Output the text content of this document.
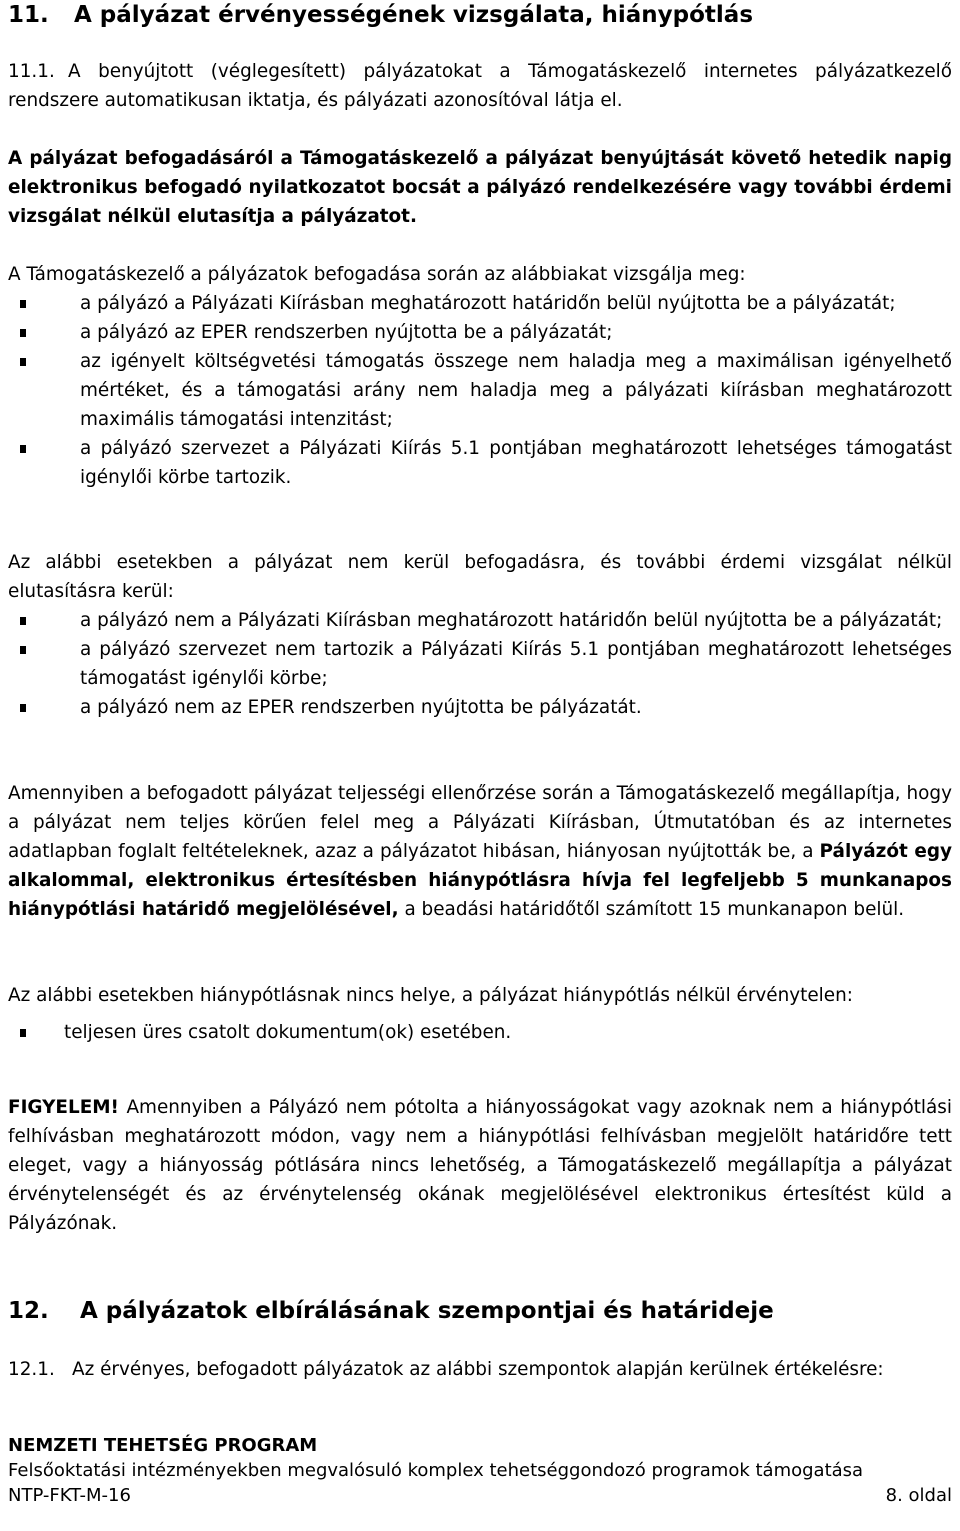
11.	A pályázat érvényességének vizsgálata, hiánypótlás
11.1. A benyújtott (véglegesített) pályázatokat a Támogatáskezelő internetes pályázatkezelő rendszere automatikusan iktatja, és pályázati azonosítóval látja el.
A pályázat befogadásáról a Támogatáskezelő a pályázat benyújtását követő hetedik napig elektronikus befogadó nyilatkozatot bocsát a pályázó rendelkezésére vagy további érdemi vizsgálat nélkül elutasítja a pályázatot.
A Támogatáskezelő a pályázatok befogadása során az alábbiakat vizsgálja meg:
a pályázó a Pályázati Kiírásban meghatározott határidőn belül nyújtotta be a pályázatát;
a pályázó az EPER rendszerben nyújtotta be a pályázatát;
az igényelt költségvetési támogatás összege nem haladja meg a maximálisan igényelhető mértéket, és a támogatási arány nem haladja meg a pályázati kiírásban meghatározott maximális támogatási intenzitást;
a pályázó szervezet a Pályázati Kiírás 5.1 pontjában meghatározott lehetséges támogatást igénylői körbe tartozik.
Az alábbi esetekben a pályázat nem kerül befogadásra, és további érdemi vizsgálat nélkül elutasításra kerül:
a pályázó nem a Pályázati Kiírásban meghatározott határidőn belül nyújtotta be a pályázatát;
a pályázó szervezet nem tartozik a Pályázati Kiírás 5.1 pontjában meghatározott lehetséges támogatást igénylői körbe;
a pályázó nem az EPER rendszerben nyújtotta be pályázatát.
Amennyiben a befogadott pályázat teljességi ellenőrzése során a Támogatáskezelő megállapítja, hogy a pályázat nem teljes körűen felel meg a Pályázati Kiírásban, Útmutatóban és az internetes adatlapban foglalt feltételeknek, azaz a pályázatot hibásan, hiányosan nyújtották be, a Pályázót egy alkalommal, elektronikus értesítésben hiánypótlásra hívja fel legfeljebb 5 munkanapos hiánypótlási határidő megjelölésével, a beadási határidőtől számított 15 munkanapon belül.
Az alábbi esetekben hiánypótlásnak nincs helye, a pályázat hiánypótlás nélkül érvénytelen:
teljesen üres csatolt dokumentum(ok) esetében.
FIGYELEM! Amennyiben a Pályázó nem pótolta a hiányosságokat vagy azoknak nem a hiánypótlási felhívásban meghatározott módon, vagy nem a hiánypótlási felhívásban megjelölt határidőre tett eleget, vagy a hiányosság pótlására nincs lehetőség, a Támogatáskezelő megállapítja a pályázat érvénytelenségét és az érvénytelenség okának megjelölésével elektronikus értesítést küld a Pályázónak.
12.	A pályázatok elbírálásának szempontjai és határideje
12.1. Az érvényes, befogadott pályázatok az alábbi szempontok alapján kerülnek értékelésre:
NEMZETI TEHETSÉG PROGRAM
Felsőoktatási intézményekben megvalósuló komplex tehetséggondozó programok támogatása
NTP-FKT-M-16	8. oldal
